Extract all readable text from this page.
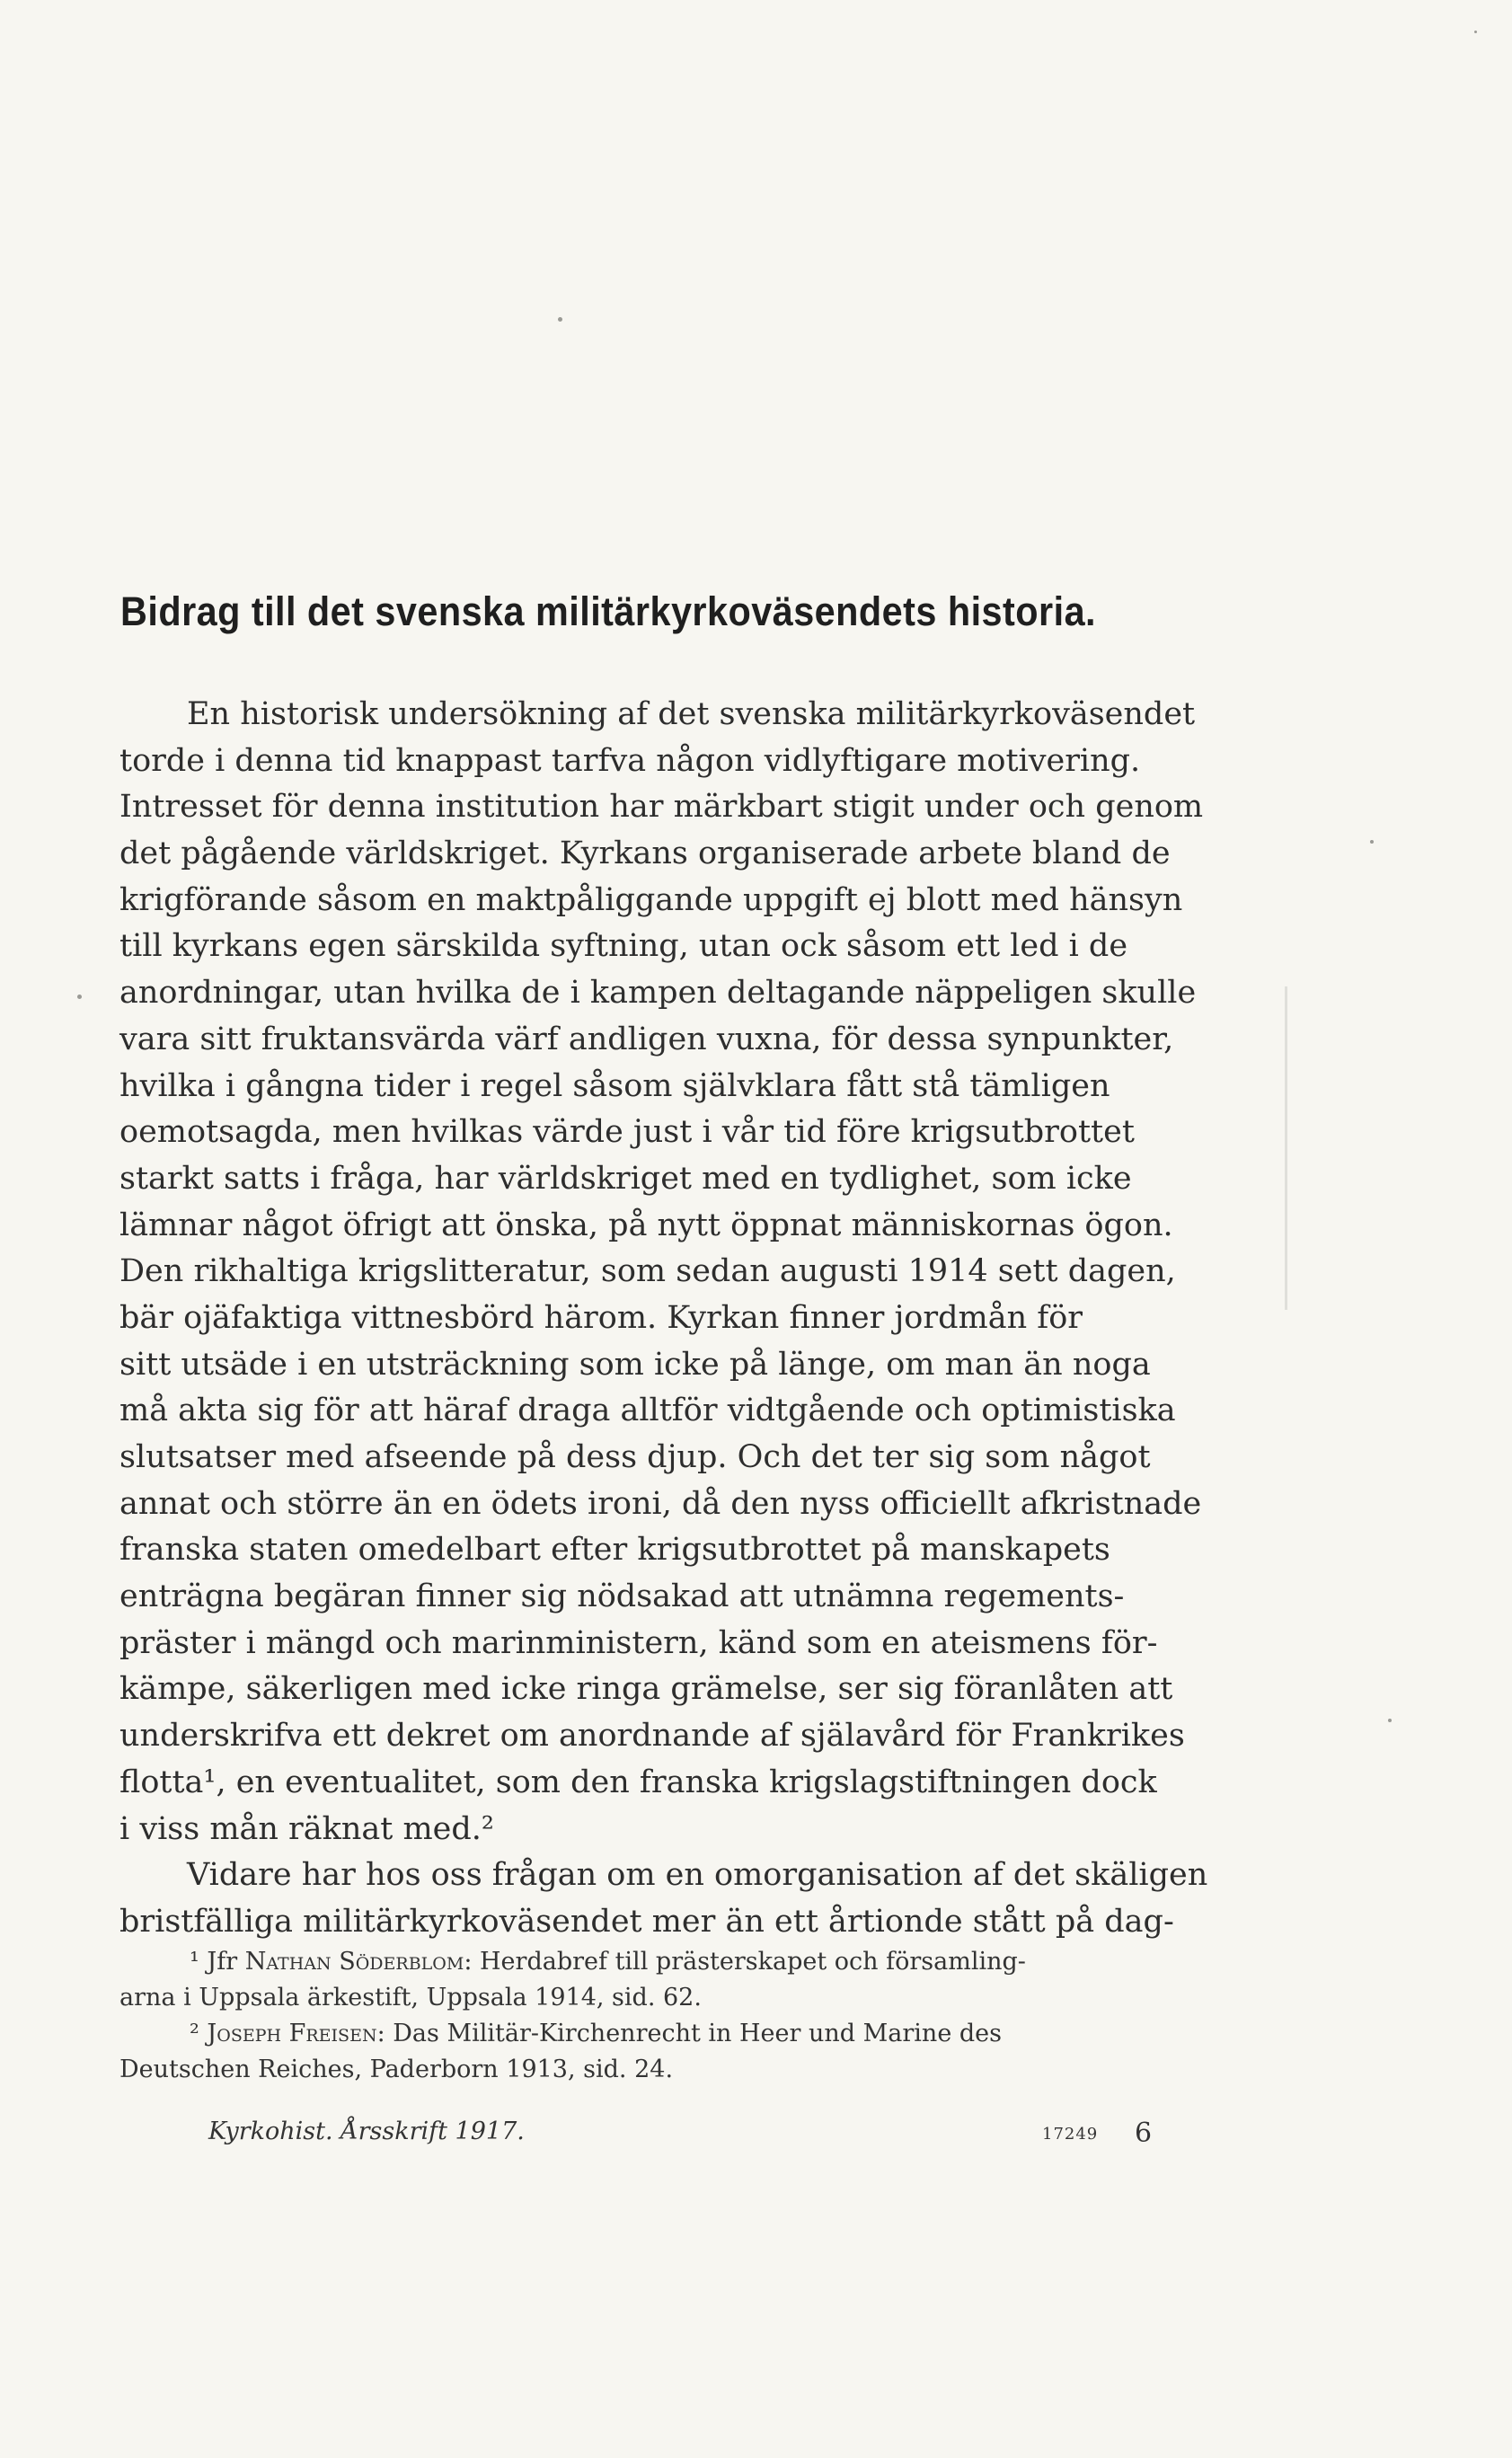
Bidrag till det svenska militärkyrkoväsendets historia.
En historisk undersökning af det svenska militärkyrkoväsendet
torde i denna tid knappast tarfva någon vidlyftigare motivering.
Intresset för denna institution har märkbart stigit under och genom
det pågående världskriget. Kyrkans organiserade arbete bland de
krigförande såsom en maktpåliggande uppgift ej blott med hänsyn
till kyrkans egen särskilda syftning, utan ock såsom ett led i de
anordningar, utan hvilka de i kampen deltagande näppeligen skulle
vara sitt fruktansvärda värf andligen vuxna, för dessa synpunkter,
hvilka i gångna tider i regel såsom självklara fått stå tämligen
oemotsagda, men hvilkas värde just i vår tid före krigsutbrottet
starkt satts i fråga, har världskriget med en tydlighet, som icke
lämnar något öfrigt att önska, på nytt öppnat människornas ögon.
Den rikhaltiga krigslitteratur, som sedan augusti 1914 sett dagen,
bär ojäfaktiga vittnesbörd härom. Kyrkan finner jordmån för
sitt utsäde i en utsträckning som icke på länge, om man än noga
må akta sig för att häraf draga alltför vidtgående och optimistiska
slutsatser med afseende på dess djup. Och det ter sig som något
annat och större än en ödets ironi, då den nyss officiellt afkristnade
franska staten omedelbart efter krigsutbrottet på manskapets
enträgna begäran finner sig nödsakad att utnämna regements-
präster i mängd och marinministern, känd som en ateismens för-
kämpe, säkerligen med icke ringa grämelse, ser sig föranlåten att
underskrifva ett dekret om anordnande af själavård för Frankrikes
flotta¹, en eventualitet, som den franska krigslagstiftningen dock
i viss mån räknat med.²
Vidare har hos oss frågan om en omorganisation af det skäligen
bristfälliga militärkyrkoväsendet mer än ett årtionde stått på dag-
¹ Jfr Nathan Söderblom: Herdabref till prästerskapet och församling-
arna i Uppsala ärkestift, Uppsala 1914, sid. 62.
² Joseph Freisen: Das Militär-Kirchenrecht in Heer und Marine des
Deutschen Reiches, Paderborn 1913, sid. 24.
Kyrkohist. Årsskrift 1917.	17249 6
